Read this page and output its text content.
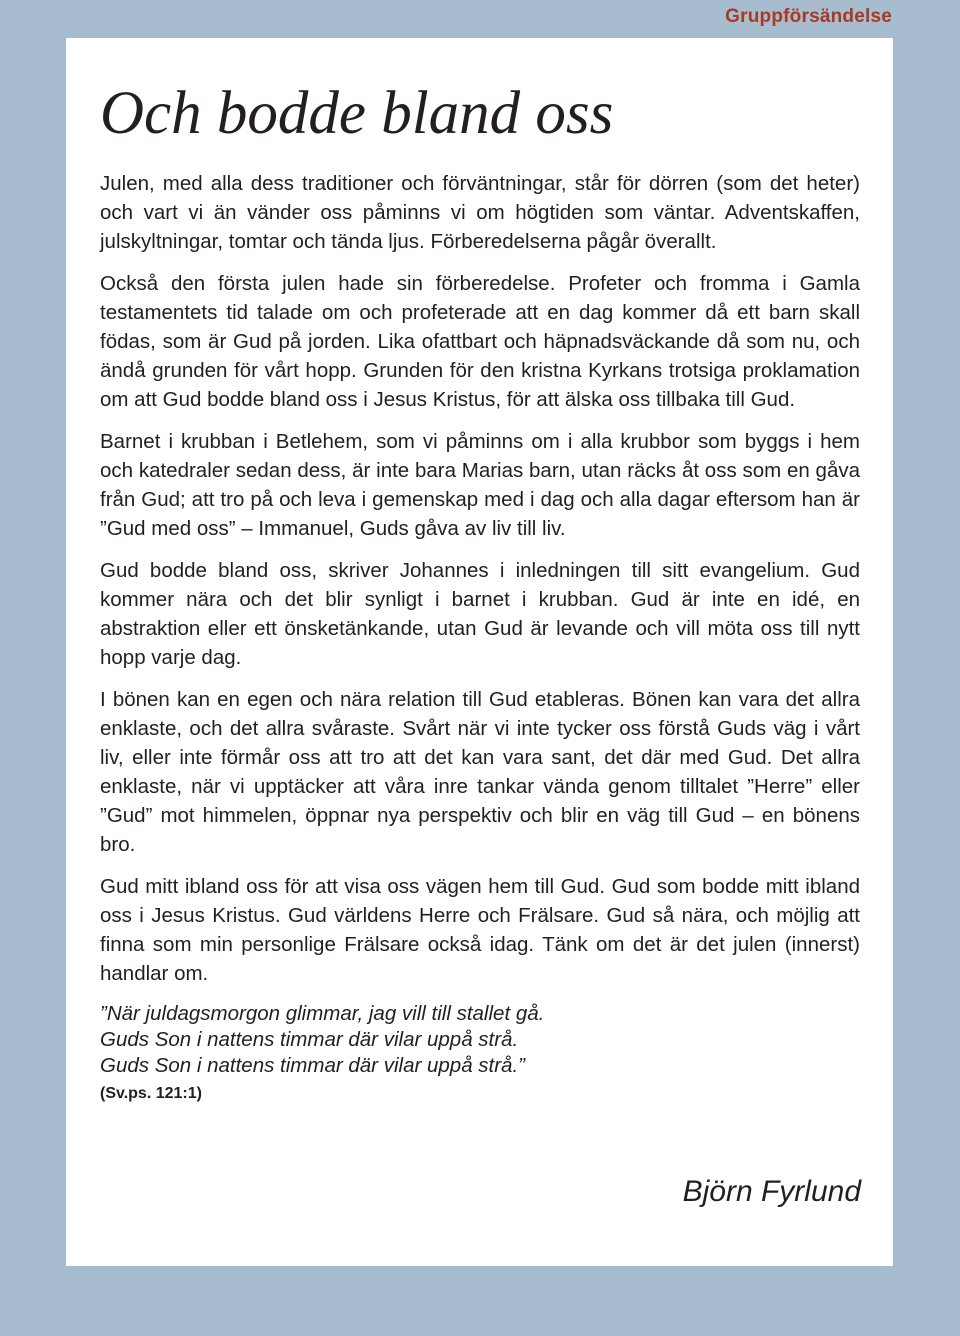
Gruppförsändelse
Och bodde bland oss

Julen, med alla dess traditioner och förväntningar, står för dörren (som det heter) och vart vi än vänder oss påminns vi om högtiden som väntar. Adventskaffen, julskyltningar, tomtar och tända ljus. Förberedelserna pågår överallt.

Också den första julen hade sin förberedelse. Profeter och fromma i Gamla testamentets tid talade om och profeterade att en dag kommer då ett barn skall födas, som är Gud på jorden. Lika ofattbart och häpnadsväckande då som nu, och ändå grunden för vårt hopp. Grunden för den kristna Kyrkans trotsiga proklamation om att Gud bodde bland oss i Jesus Kristus, för att älska oss tillbaka till Gud.

Barnet i krubban i Betlehem, som vi påminns om i alla krubbor som byggs i hem och katedraler sedan dess, är inte bara Marias barn, utan räcks åt oss som en gåva från Gud; att tro på och leva i gemenskap med i dag och alla dagar eftersom han är ”Gud med oss” – Immanuel, Guds gåva av liv till liv.

Gud bodde bland oss, skriver Johannes i inledningen till sitt evangelium. Gud kommer nära och det blir synligt i barnet i krubban. Gud är inte en idé, en abstraktion eller ett önsketänkande, utan Gud är levande och vill möta oss till nytt hopp varje dag.

I bönen kan en egen och nära relation till Gud etableras. Bönen kan vara det allra enklaste, och det allra svåraste. Svårt när vi inte tycker oss förstå Guds väg i vårt liv, eller inte förmår oss att tro att det kan vara sant, det där med Gud. Det allra enklaste, när vi upptäcker att våra inre tankar vända genom tilltalet ”Herre” eller ”Gud” mot himmelen, öppnar nya perspektiv och blir en väg till Gud – en bönens bro.

Gud mitt ibland oss för att visa oss vägen hem till Gud. Gud som bodde mitt ibland oss i Jesus Kristus. Gud världens Herre och Frälsare. Gud så nära, och möjlig att finna som min personlige Frälsare också idag. Tänk om det är det julen (innerst) handlar om.

”När juldagsmorgon glimmar, jag vill till stallet gå.
Guds Son i nattens timmar där vilar uppå strå.
Guds Son i nattens timmar där vilar uppå strå.”
(Sv.ps. 121:1)
Björn Fyrlund
